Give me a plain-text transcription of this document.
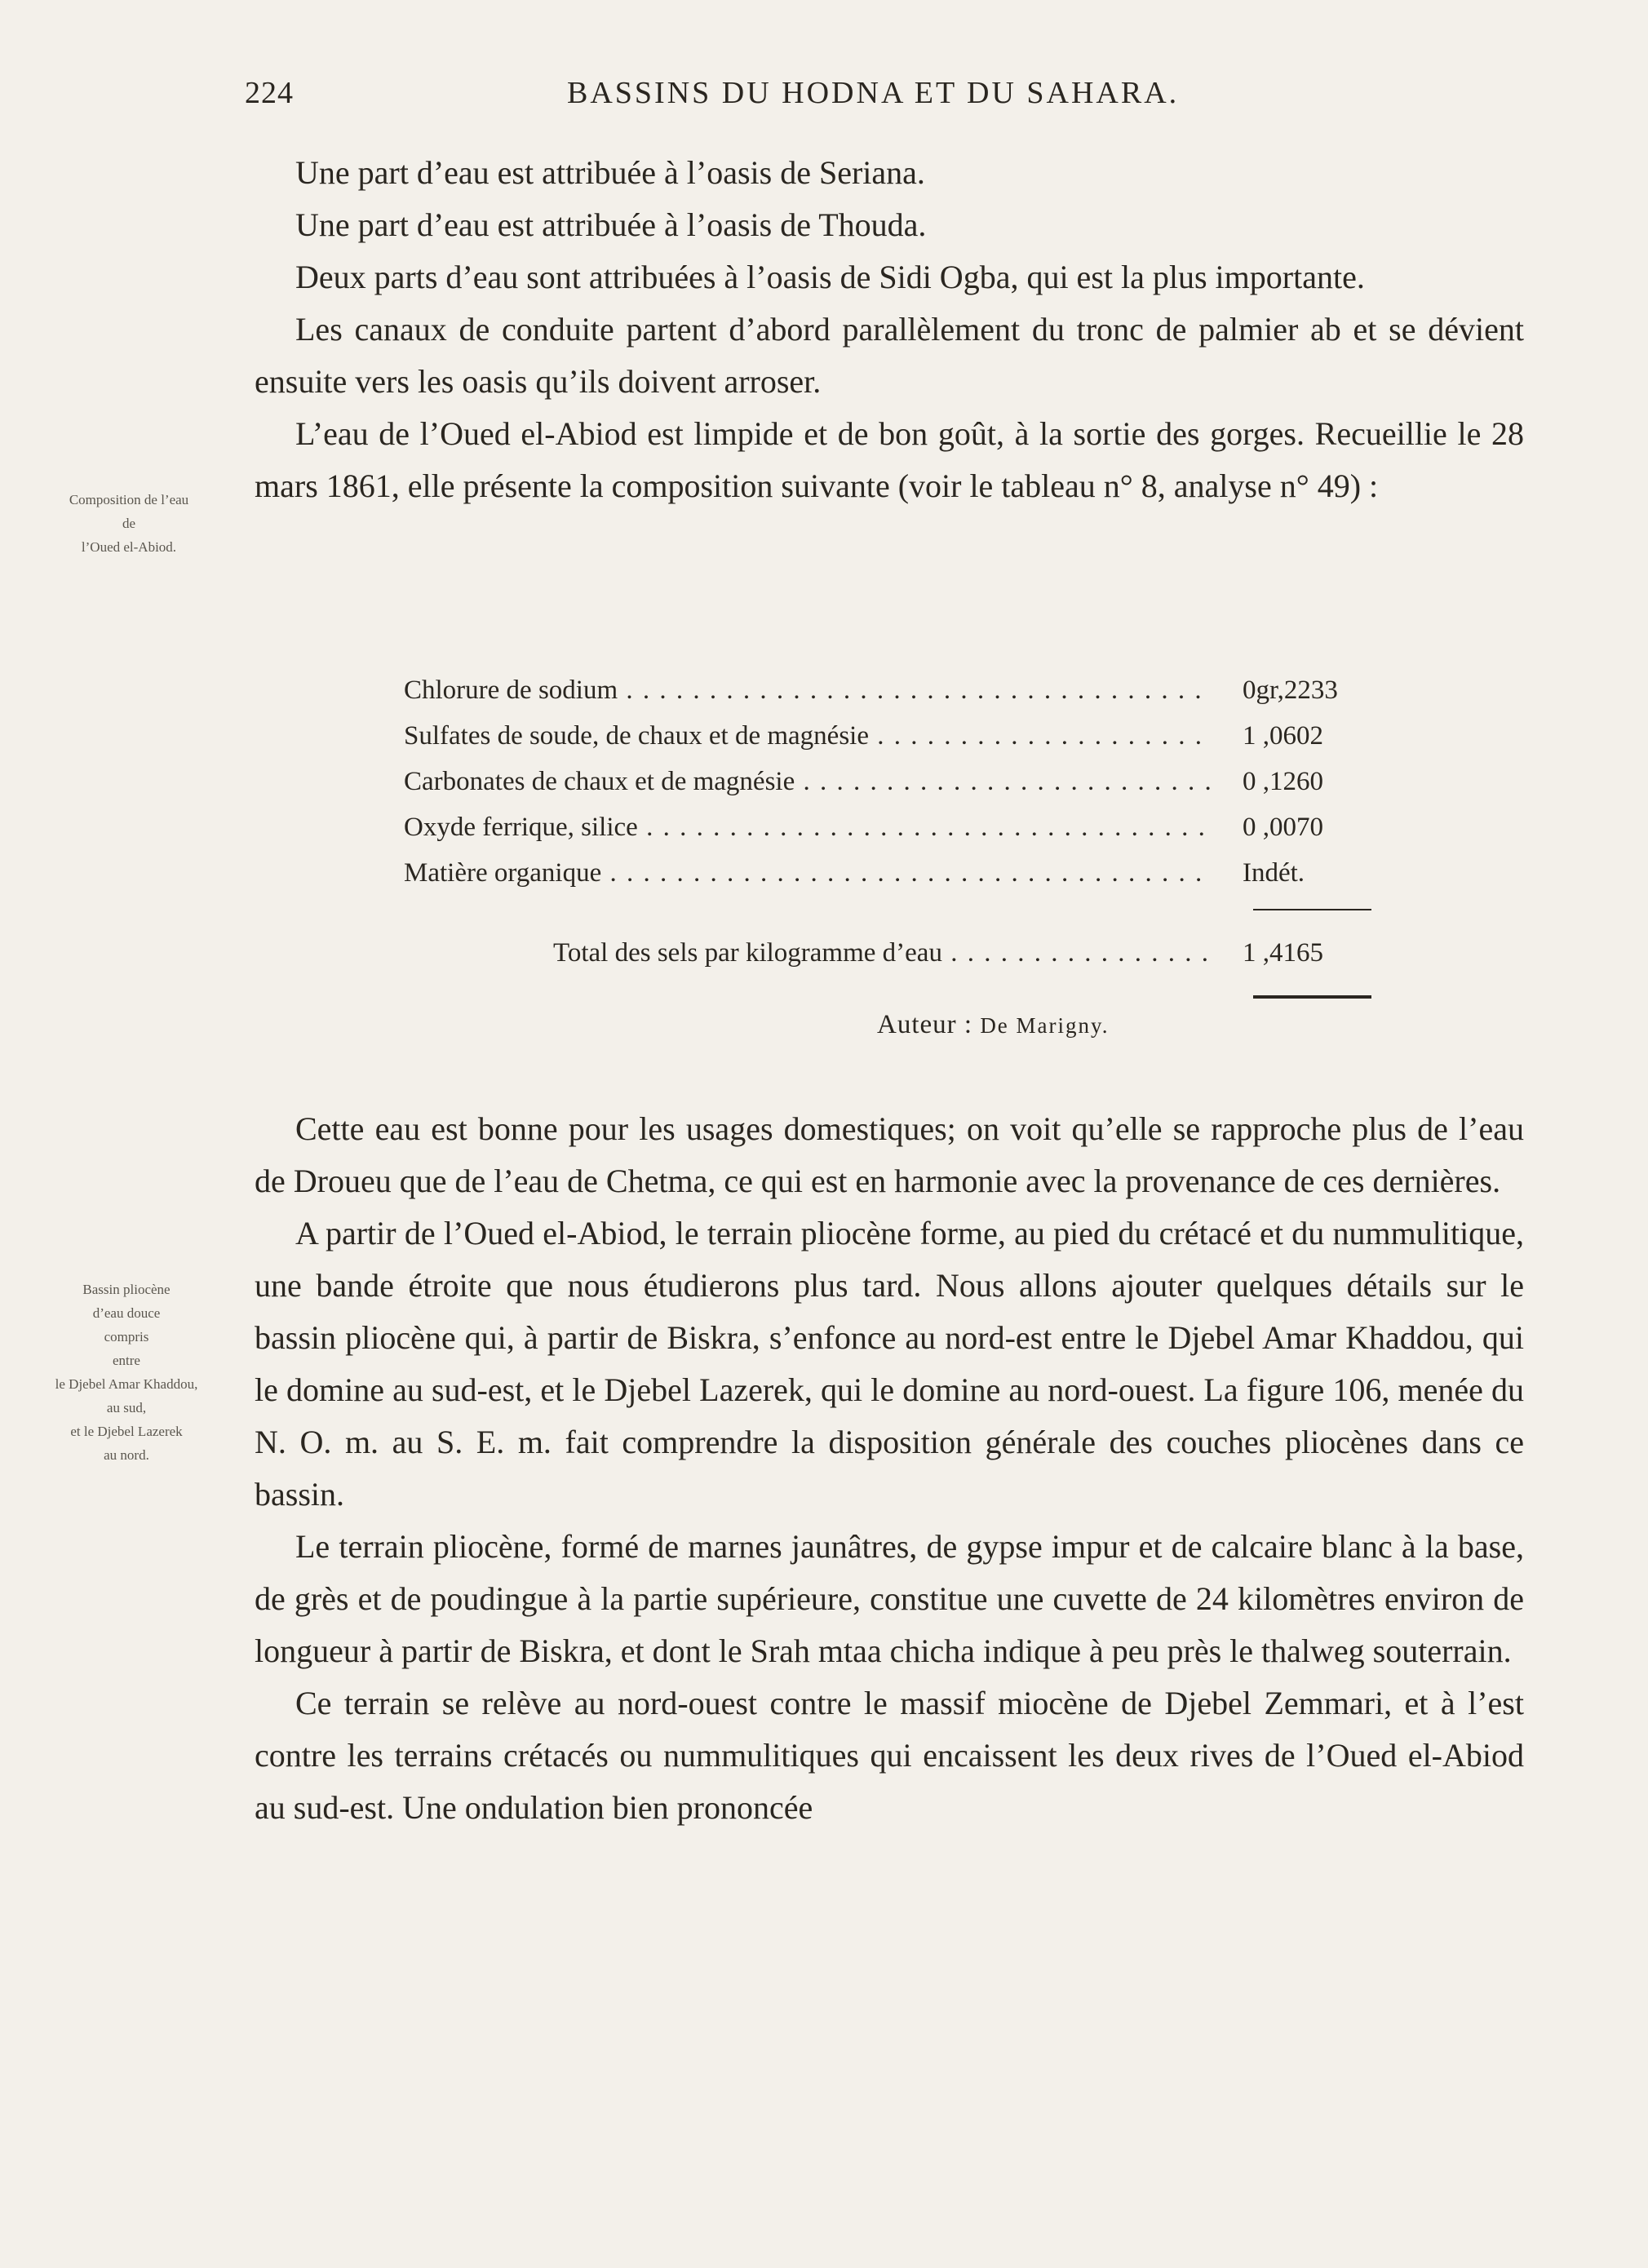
224	BASSINS DU HODNA ET DU SAHARA.

Une part d’eau est attribuée à l’oasis de Seriana.

Une part d’eau est attribuée à l’oasis de Thouda.

Deux parts d’eau sont attribuées à l’oasis de Sidi Ogba, qui est la plus importante.

Les canaux de conduite partent d’abord parallèlement du tronc de palmier ab et se dévient ensuite vers les oasis qu’ils doivent arroser.

L’eau de l’Oued el-Abiod est limpide et de bon goût, à la sortie des gorges. Recueillie le 28 mars 1861, elle présente la composition suivante (voir le tableau n° 8, analyse n° 49) :

Composition de l’eau
de
l’Oued el-Abiod.
Chlorure de sodium . . .	0gr,2233
Sulfates de soude, de chaux et de magnésie . . .	1 ,0602
Carbonates de chaux et de magnésie . . .	0 ,1260
Oxyde ferrique, silice . . .	0 ,0070
Matière organique . . .	Indét.
Total des sels par kilogramme d’eau . . .	1 ,4165
Auteur : De Marigny.

Cette eau est bonne pour les usages domestiques; on voit qu’elle se rapproche plus de l’eau de Droueu que de l’eau de Chetma, ce qui est en harmonie avec la provenance de ces dernières.

A partir de l’Oued el-Abiod, le terrain pliocène forme, au pied du crétacé et du nummulitique, une bande étroite que nous étudierons plus tard. Nous allons ajouter quelques détails sur le bassin pliocène qui, à partir de Biskra, s’enfonce au nord-est entre le Djebel Amar Khaddou, qui le domine au sud-est, et le Djebel Lazerek, qui le domine au nord-ouest. La figure 106, menée du N. O. m. au S. E. m. fait comprendre la disposition générale des couches pliocènes dans ce bassin.

Le terrain pliocène, formé de marnes jaunâtres, de gypse impur et de calcaire blanc à la base, de grès et de poudingue à la partie supérieure, constitue une cuvette de 24 kilomètres environ de longueur à partir de Biskra, et dont le Srah mtaa chicha indique à peu près le thalweg souterrain.

Ce terrain se relève au nord-ouest contre le massif miocène de Djebel Zemmari, et à l’est contre les terrains crétacés ou nummulitiques qui encaissent les deux rives de l’Oued el-Abiod au sud-est. Une ondulation bien prononcée

Bassin pliocène
d’eau douce
compris
entre
le Djebel Amar Khaddou,
au sud,
et le Djebel Lazerek
au nord.
